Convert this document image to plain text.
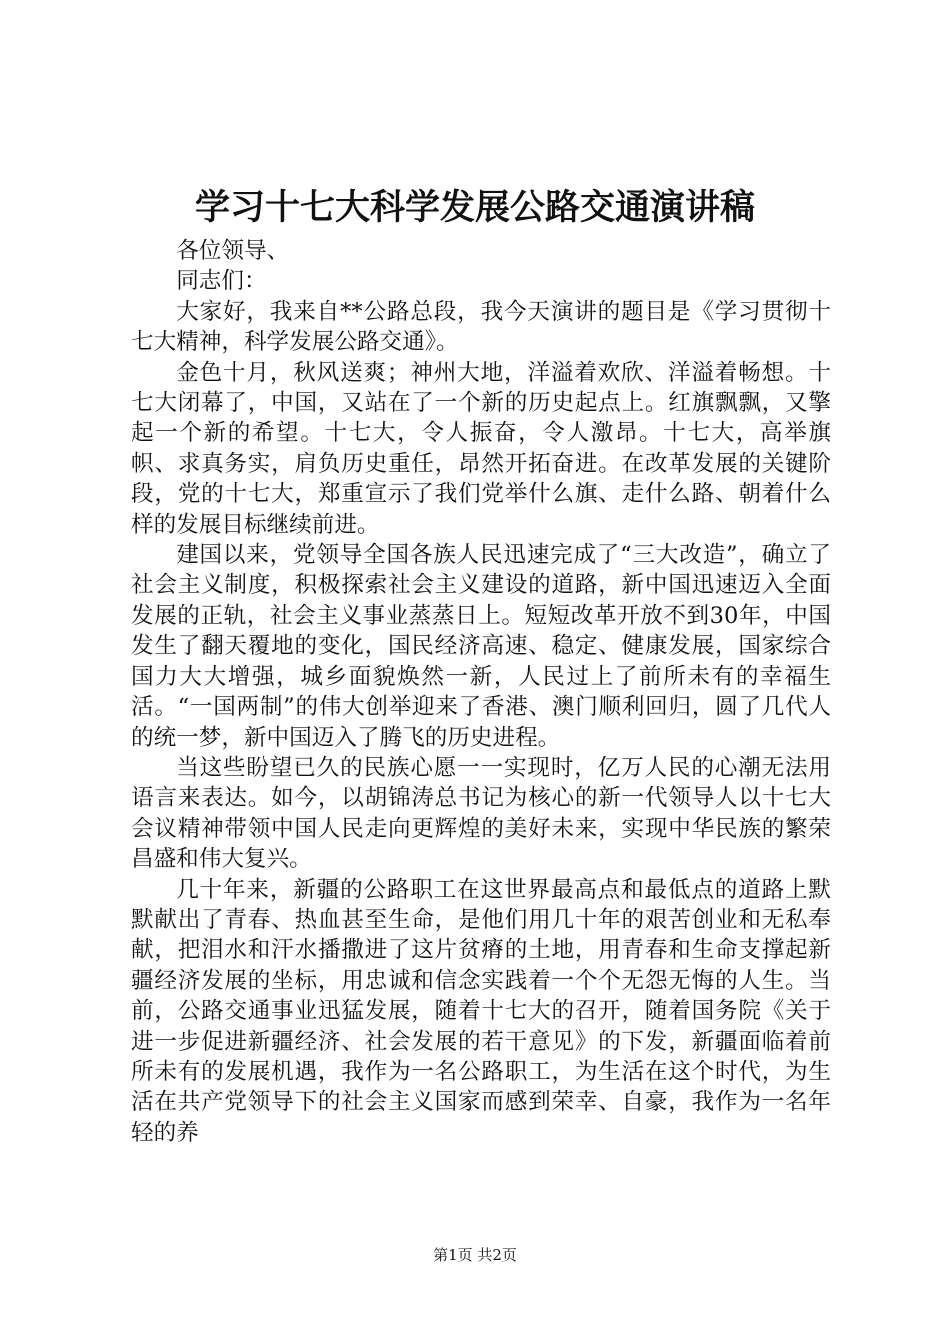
学习十七大科学发展公路交通演讲稿

各位领导、

同志们：

大家好，我来自**公路总段，我今天演讲的题目是《学习贯彻十七大精神，科学发展公路交通》。

金色十月，秋风送爽；神州大地，洋溢着欢欣、洋溢着畅想。十七大闭幕了，中国，又站在了一个新的历史起点上。红旗飘飘，又擎起一个新的希望。十七大，令人振奋，令人激昂。十七大，高举旗帜、求真务实，肩负历史重任，昂然开拓奋进。在改革发展的关键阶段，党的十七大，郑重宣示了我们党举什么旗、走什么路、朝着什么样的发展目标继续前进。

建国以来，党领导全国各族人民迅速完成了“三大改造”，确立了社会主义制度，积极探索社会主义建设的道路，新中国迅速迈入全面发展的正轨，社会主义事业蒸蒸日上。短短改革开放不到30年，中国发生了翻天覆地的变化，国民经济高速、稳定、健康发展，国家综合国力大大增强，城乡面貌焕然一新，人民过上了前所未有的幸福生活。“一国两制”的伟大创举迎来了香港、澳门顺利回归，圆了几代人的统一梦，新中国迈入了腾飞的历史进程。

当这些盼望已久的民族心愿一一实现时，亿万人民的心潮无法用语言来表达。如今，以胡锦涛总书记为核心的新一代领导人以十七大会议精神带领中国人民走向更辉煌的美好未来，实现中华民族的繁荣昌盛和伟大复兴。

几十年来，新疆的公路职工在这世界最高点和最低点的道路上默默献出了青春、热血甚至生命，是他们用几十年的艰苦创业和无私奉献，把泪水和汗水播撒进了这片贫瘠的土地，用青春和生命支撑起新疆经济发展的坐标，用忠诚和信念实践着一个个无怨无悔的人生。当前，公路交通事业迅猛发展，随着十七大的召开，随着国务院《关于进一步促进新疆经济、社会发展的若干意见》的下发，新疆面临着前所未有的发展机遇，我作为一名公路职工，为生活在这个时代，为生活在共产党领导下的社会主义国家而感到荣幸、自豪，我作为一名年轻的养

第1页 共2页
